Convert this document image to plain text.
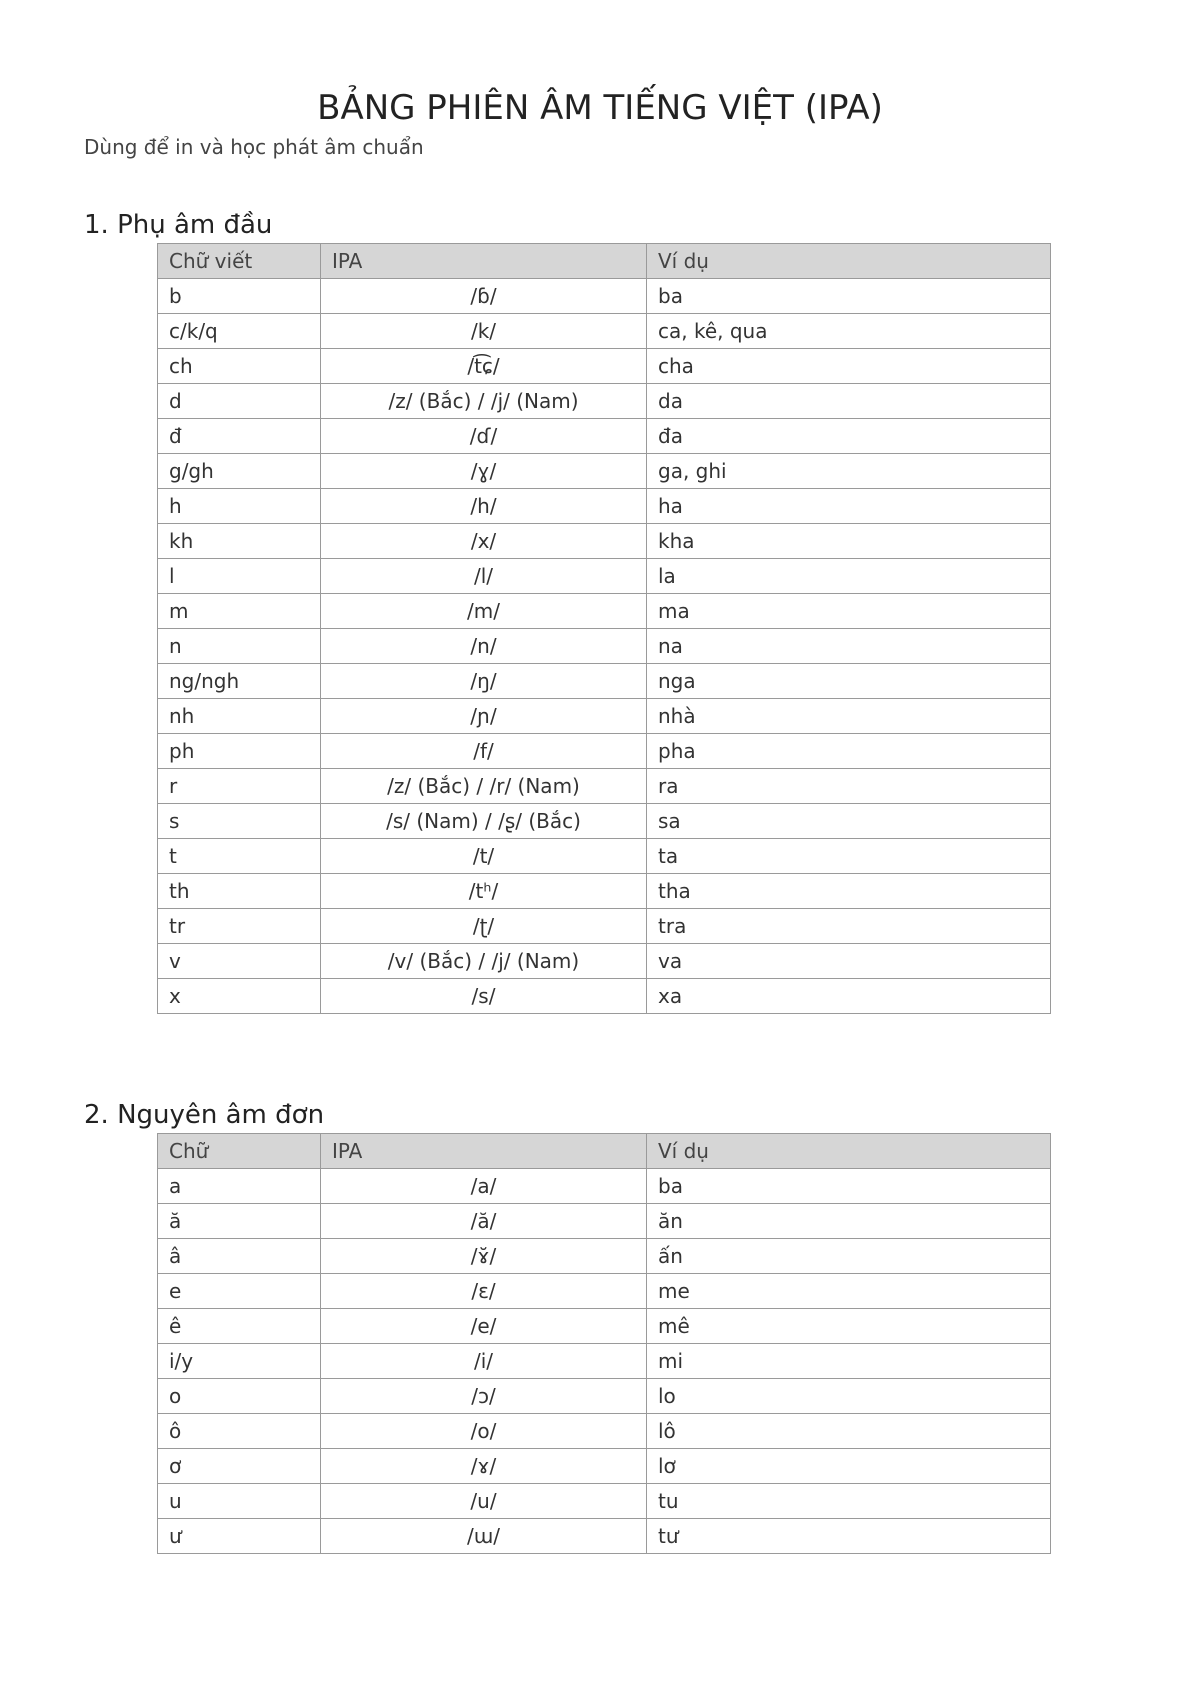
BẢNG PHIÊN ÂM TIẾNG VIỆT (IPA)
Dùng để in và học phát âm chuẩn
1. Phụ âm đầu
Chữ viết	IPA	Ví dụ
b	/ɓ/	ba
c/k/q	/k/	ca, kê, qua
ch	/t͡ɕ/	cha
d	/z/ (Bắc) / /j/ (Nam)	da
đ	/ɗ/	đa
g/gh	/ɣ/	ga, ghi
h	/h/	ha
kh	/x/	kha
l	/l/	la
m	/m/	ma
n	/n/	na
ng/ngh	/ŋ/	nga
nh	/ɲ/	nhà
ph	/f/	pha
r	/z/ (Bắc) / /r/ (Nam)	ra
s	/s/ (Nam) / /ʂ/ (Bắc)	sa
t	/t/	ta
th	/tʰ/	tha
tr	/ʈ/	tra
v	/v/ (Bắc) / /j/ (Nam)	va
x	/s/	xa
2. Nguyên âm đơn
Chữ	IPA	Ví dụ
a	/a/	ba
ă	/ă/	ăn
â	/ɤ̆/	ấn
e	/ɛ/	me
ê	/e/	mê
i/y	/i/	mi
o	/ɔ/	lo
ô	/o/	lô
ơ	/ɤ/	lơ
u	/u/	tu
ư	/ɯ/	tư
